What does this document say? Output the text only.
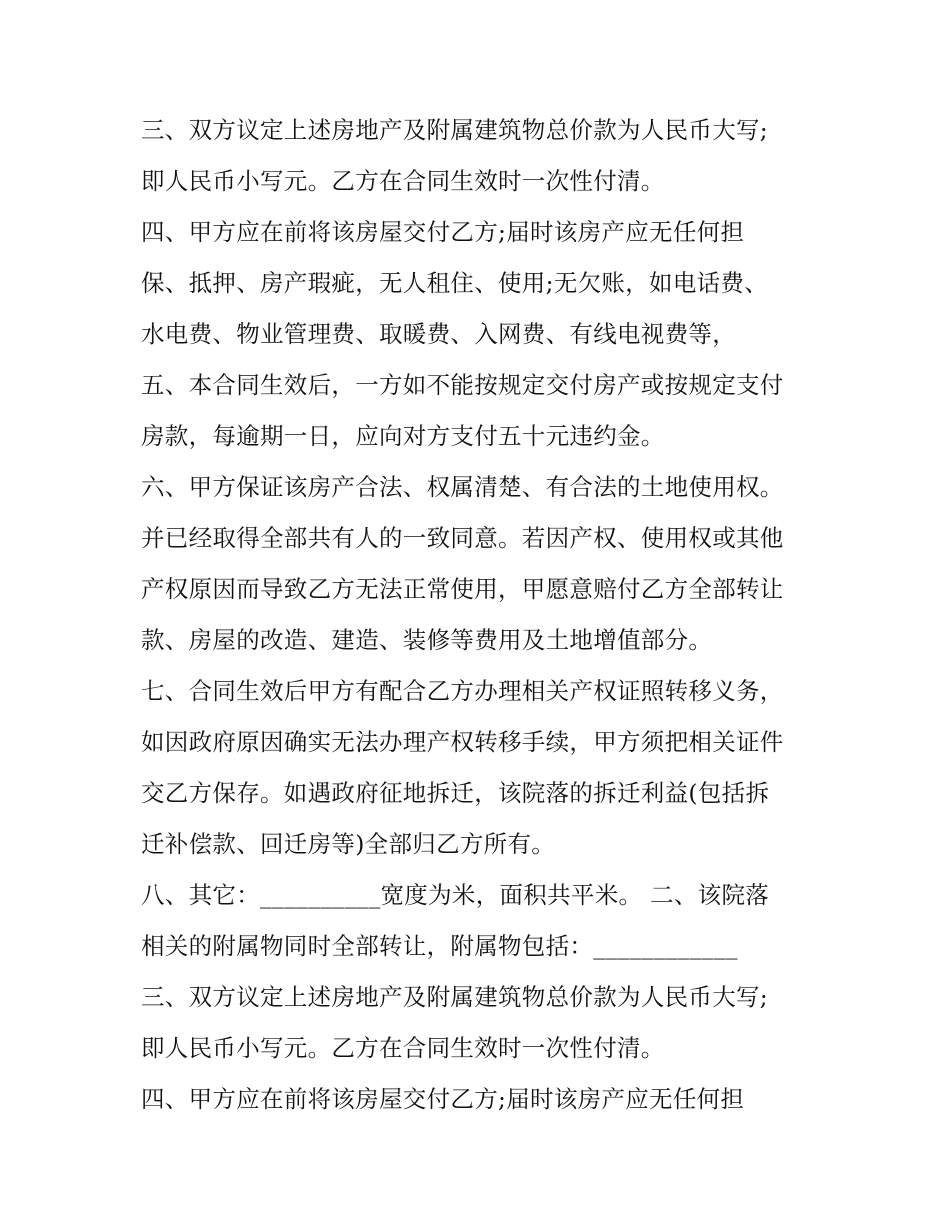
三、双方议定上述房地产及附属建筑物总价款为人民币大写;
即人民币小写元。乙方在合同生效时一次性付清。
四、甲方应在前将该房屋交付乙方;届时该房产应无任何担
保、抵押、房产瑕疵，无人租住、使用;无欠账，如电话费、
水电费、物业管理费、取暖费、入网费、有线电视费等，
五、本合同生效后，一方如不能按规定交付房产或按规定支付
房款，每逾期一日，应向对方支付五十元违约金。
六、甲方保证该房产合法、权属清楚、有合法的土地使用权。
并已经取得全部共有人的一致同意。若因产权、使用权或其他
产权原因而导致乙方无法正常使用，甲愿意赔付乙方全部转让
款、房屋的改造、建造、装修等费用及土地增值部分。
七、合同生效后甲方有配合乙方办理相关产权证照转移义务，
如因政府原因确实无法办理产权转移手续，甲方须把相关证件
交乙方保存。如遇政府征地拆迁，该院落的拆迁利益(包括拆
迁补偿款、回迁房等)全部归乙方所有。
八、其它：__________宽度为米，面积共平米。 二、该院落
相关的附属物同时全部转让，附属物包括：____________
三、双方议定上述房地产及附属建筑物总价款为人民币大写;
即人民币小写元。乙方在合同生效时一次性付清。
四、甲方应在前将该房屋交付乙方;届时该房产应无任何担
